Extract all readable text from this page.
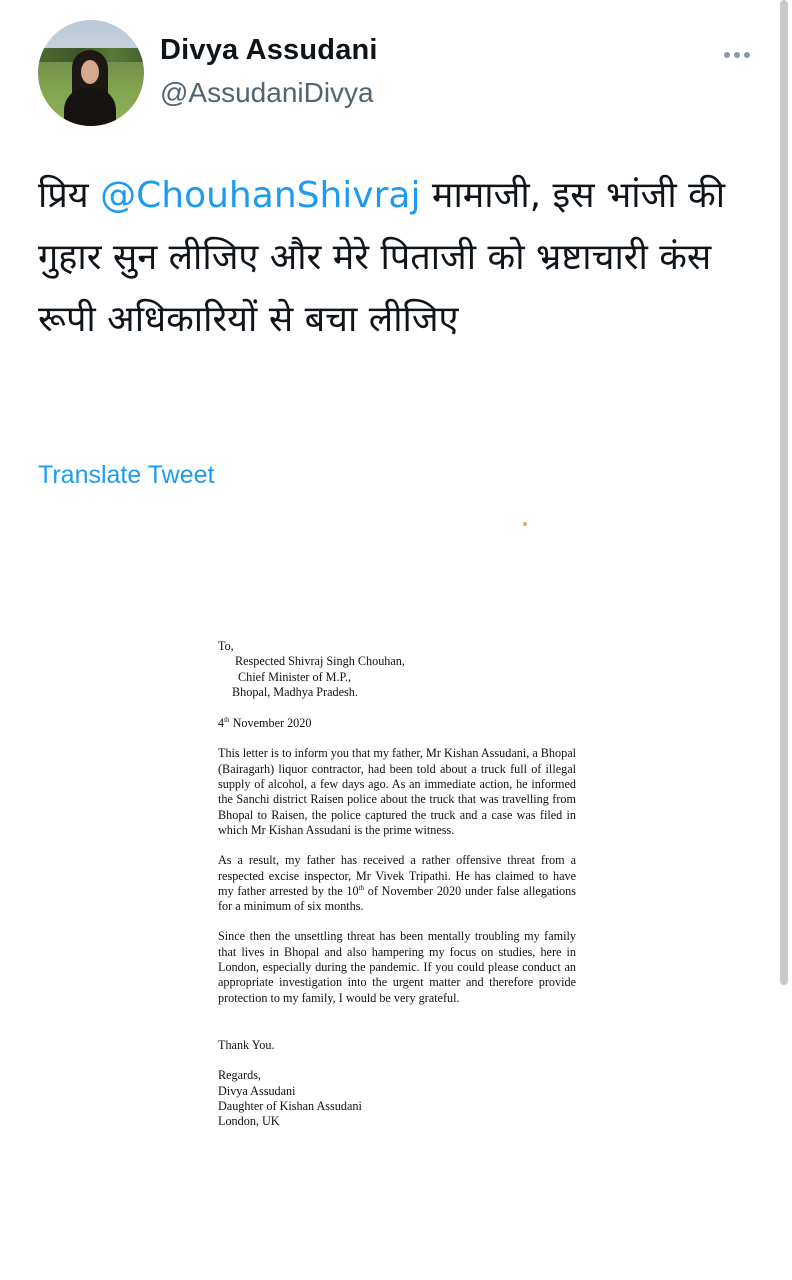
Divya Assudani
@AssudaniDivya
प्रिय @ChouhanShivraj मामाजी, इस भांजी की गुहार सुन लीजिए और मेरे पिताजी को भ्रष्टाचारी कंस रूपी अधिकारियों से बचा लीजिए
Translate Tweet

To,

Respected Shivraj Singh Chouhan,

Chief Minister of M.P.,

Bhopal, Madhya Pradesh.

4th November 2020

This letter is to inform you that my father, Mr Kishan Assudani, a Bhopal (Bairagarh) liquor contractor, had been told about a truck full of illegal supply of alcohol, a few days ago. As an immediate action, he informed the Sanchi district Raisen police about the truck that was travelling from Bhopal to Raisen, the police captured the truck and a case was filed in which Mr Kishan Assudani is the prime witness.

As a result, my father has received a rather offensive threat from a respected excise inspector, Mr Vivek Tripathi. He has claimed to have my father arrested by the 10th of November 2020 under false allegations for a minimum of six months.

Since then the unsettling threat has been mentally troubling my family that lives in Bhopal and also hampering my focus on studies, here in London, especially during the pandemic. If you could please conduct an appropriate investigation into the urgent matter and therefore provide protection to my family, I would be very grateful.

Thank You.

Regards,

Divya Assudani

Daughter of Kishan Assudani

London, UK
